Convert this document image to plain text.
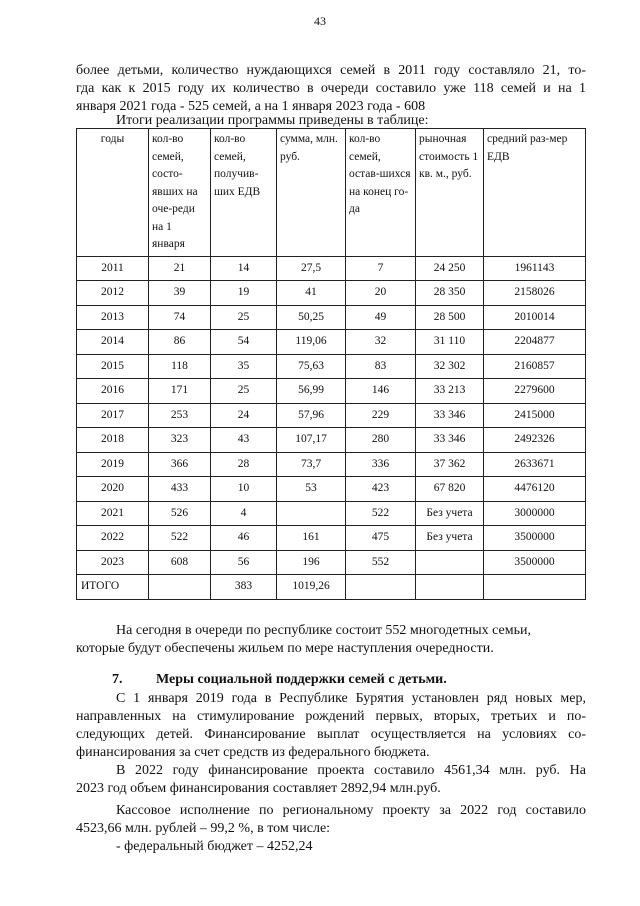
43
более детьми, количество нуждающихся семей в 2011 году составляло 21, то-
гда как к 2015 году их количество в очереди составило уже 118 семей и на 1
января 2021 года - 525 семей, а на 1 января 2023 года - 608
Итоги реализации программы приведены в таблице:
годы	кол-во семей, состо-явших на оче-реди на 1 января	кол-во семей, получив-ших ЕДВ	сумма, млн. руб.	кол-во семей, остав-шихся на конец го-да	рыночная стоимость 1 кв. м., руб.	средний раз-мер ЕДВ
2011	21	14	27,5	7	24 250	1961143
2012	39	19	41	20	28 350	2158026
2013	74	25	50,25	49	28 500	2010014
2014	86	54	119,06	32	31 110	2204877
2015	118	35	75,63	83	32 302	2160857
2016	171	25	56,99	146	33 213	2279600
2017	253	24	57,96	229	33 346	2415000
2018	323	43	107,17	280	33 346	2492326
2019	366	28	73,7	336	37 362	2633671
2020	433	10	53	423	67 820	4476120
2021	526	4		522	Без учета	3000000
2022	522	46	161	475	Без учета	3500000
2023	608	56	196	552		3500000
ИТОГО		383	1019,26			
На сегодня в очереди по республике состоит 552 многодетных семьи,
которые будут обеспечены жильем по мере наступления очередности.
7. Меры социальной поддержки семей с детьми.
С 1 января 2019 года в Республике Бурятия установлен ряд новых мер,
направленных на стимулирование рождений первых, вторых, третьих и по-
следующих детей. Финансирование выплат осуществляется на условиях со-
финансирования за счет средств из федерального бюджета.
В 2022 году финансирование проекта составило 4561,34 млн. руб. На
2023 год объем финансирования составляет 2892,94 млн.руб.
Кассовое исполнение по региональному проекту за 2022 год составило
4523,66 млн. рублей – 99,2 %, в том числе:
- федеральный бюджет – 4252,24
